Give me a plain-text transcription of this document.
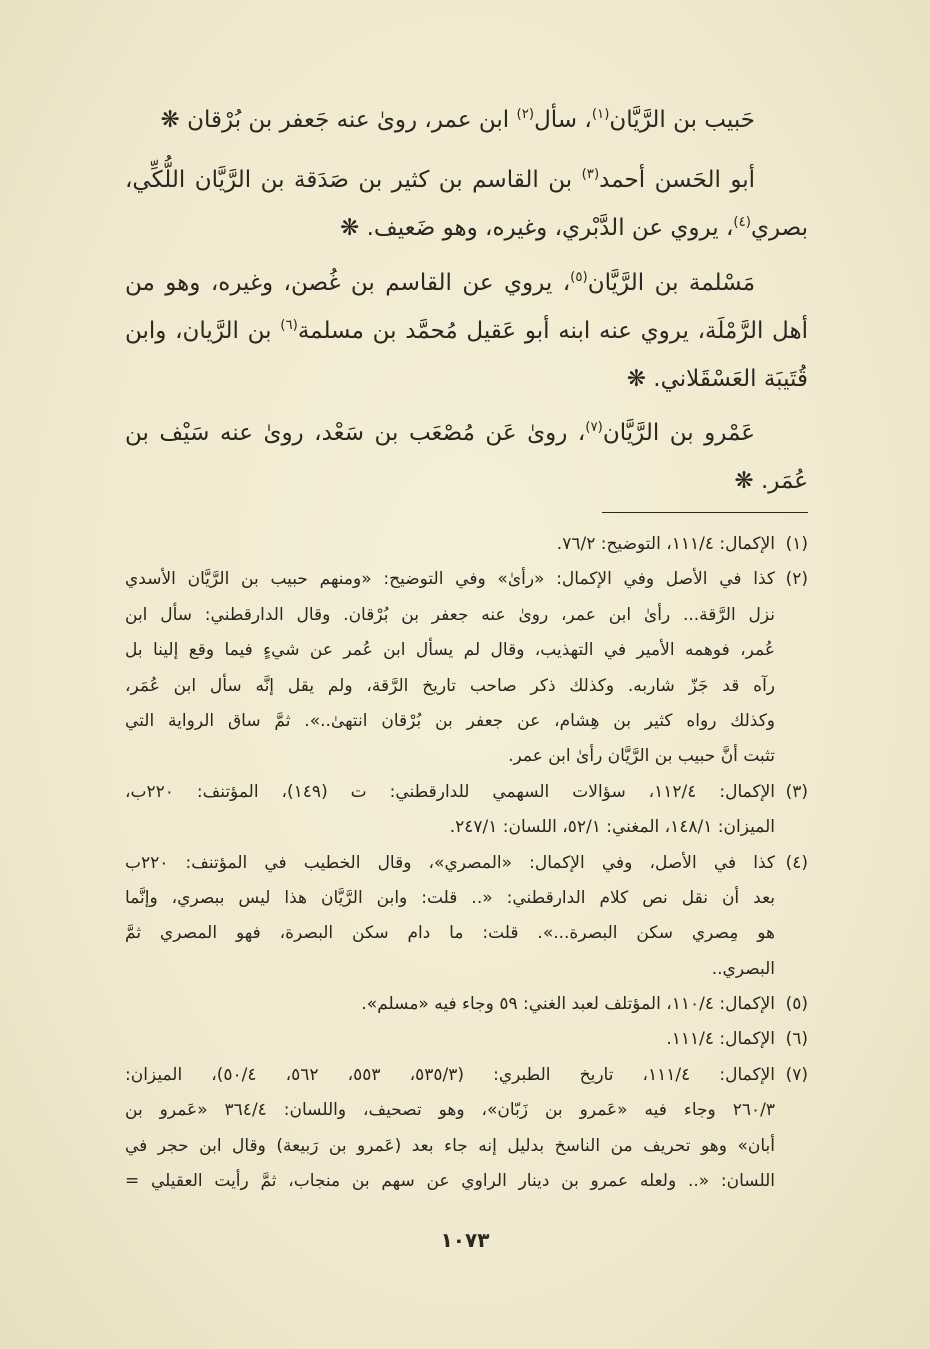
حَبيب بن الرَّيَّان$^{(١)}$، سأل$^{(٢)}$ ابن عمر، روىٰ عنه جَعفر بن بُرْقان ❋
أبو الحَسن أحمد$^{(٣)}$ بن القاسم بن كثير بن صَدَقة بن الرَّيَّان اللُّكِّي،
بصري$^{(٤)}$، يروي عن الدَّبْري، وغيره، وهو ضَعيف. ❋
مَسْلمة بن الرَّيَّان$^{(٥)}$، يروي عن القاسم بن غُصن، وغيره، وهو من
أهل الرَّمْلَة، يروي عنه ابنه أبو عَقيل مُحمَّد بن مسلمة$^{(٦)}$ بن الرَّيان، وابن
قُتَيبَة العَسْقَلاني. ❋
عَمْرو بن الرَّيَّان$^{(٧)}$، روىٰ عَن مُصْعَب بن سَعْد، روىٰ عنه سَيْف بن
عُمَر. ❋
(١)
الإكمال: ١١١/٤، التوضيح: ٧٦/٢.
(٢)
كذا في الأصل وفي الإكمال: «رأىٰ» وفي التوضيح: «ومنهم حبيب بن الرَّيَّان الأسدي
نزل الرَّقة... رأىٰ ابن عمر، روىٰ عنه جعفر بن بُرْقان. وقال الدارقطني: سأل ابن
عُمر، فوهمه الأمير في التهذيب، وقال لم يسأل ابن عُمر عن شيءٍ فيما وقع إلينا بل
رآه قد جَزّ شاربه. وكذلك ذكر صاحب تاريخ الرَّقة، ولم يقل إنَّه سأل ابن عُمَر،
وكذلك رواه كثير بن هِشام، عن جعفر بن بُرْقان انتهىٰ..». ثمَّ ساق الرواية التي
تثبت أنَّ حبيب بن الرَّيَّان رأىٰ ابن عمر.
(٣)
الإكمال: ١١٢/٤، سؤالات السهمي للدارقطني: ت (١٤٩)، المؤتنف: ٢٢٠ب،
الميزان: ١٤٨/١، المغني: ٥٢/١، اللسان: ٢٤٧/١.
(٤)
كذا في الأصل، وفي الإكمال: «المصري»، وقال الخطيب في المؤتنف: ٢٢٠ب
بعد أن نقل نص كلام الدارقطني: «.. قلت: وابن الرَّيَّان هذا ليس ببصري، وإنَّما
هو مِصري سكن البصرة...». قلت: ما دام سكن البصرة، فهو المصري ثمَّ
البصري..
(٥)
الإكمال: ١١٠/٤، المؤتلف لعبد الغني: ٥٩ وجاء فيه «مسلم».
(٦)
الإكمال: ١١١/٤.
(٧)
الإكمال: ١١١/٤، تاريخ الطبري: (٥٣٥/٣، ٥٥٣، ٥٦٢، ٥٠/٤)، الميزان:
٢٦٠/٣ وجاء فيه «عَمرو بن زَبّان»، وهو تصحيف، واللسان: ٣٦٤/٤ «عَمرو بن
أبان» وهو تحريف من الناسخ بدليل إنه جاء بعد (عَمرو بن رَبيعة) وقال ابن حجر في
اللسان: «.. ولعله عمرو بن دينار الراوي عن سهم بن منجاب، ثمَّ رأيت العقيلي =
١٠٧٣
